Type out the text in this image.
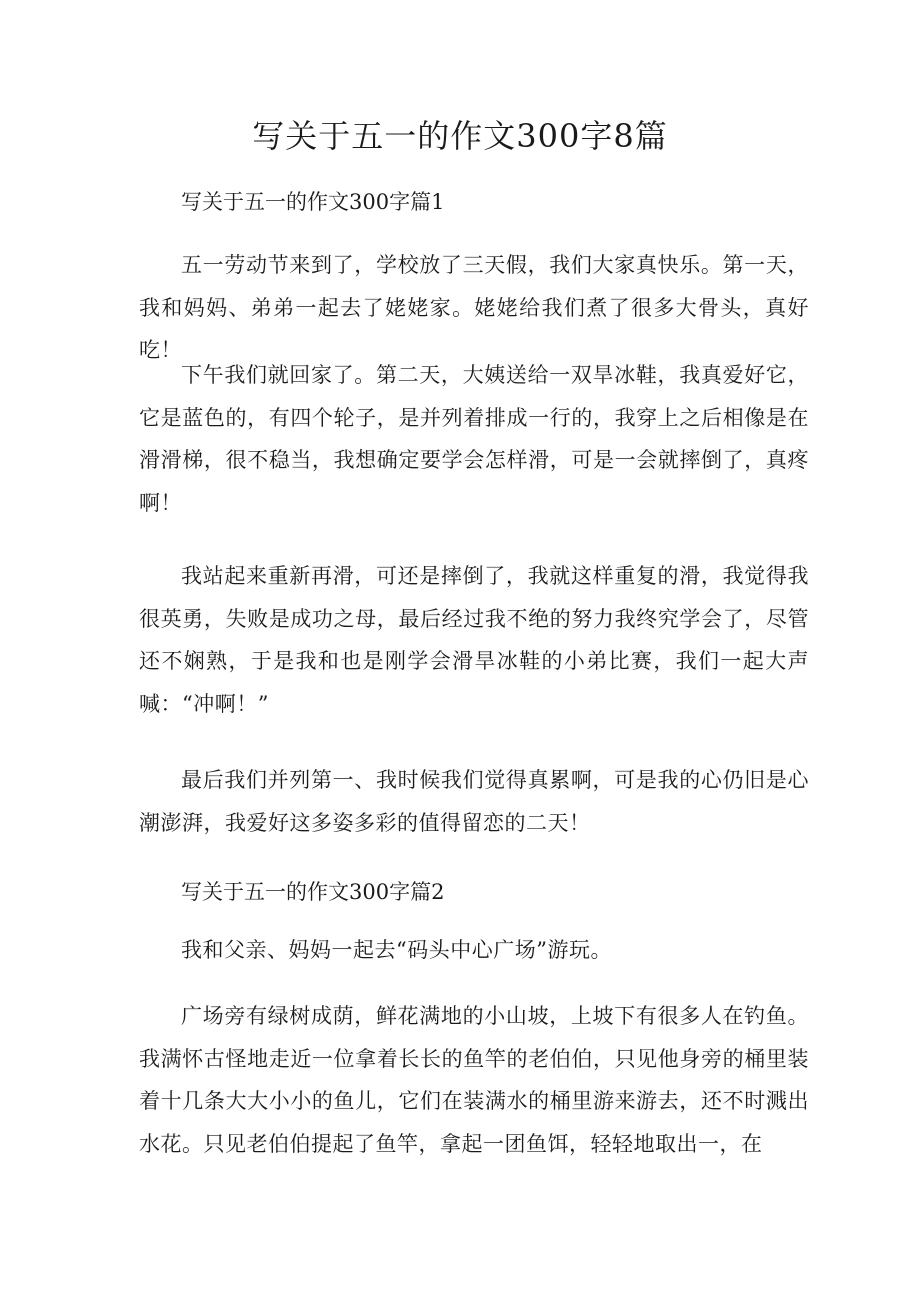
写关于五一的作文300字8篇
写关于五一的作文300字篇1

五一劳动节来到了，学校放了三天假，我们大家真快乐。第一天，我和妈妈、弟弟一起去了姥姥家。姥姥给我们煮了很多大骨头，真好吃！

下午我们就回家了。第二天，大姨送给一双旱冰鞋，我真爱好它，它是蓝色的，有四个轮子，是并列着排成一行的，我穿上之后相像是在滑滑梯，很不稳当，我想确定要学会怎样滑，可是一会就摔倒了，真疼啊！

我站起来重新再滑，可还是摔倒了，我就这样重复的滑，我觉得我很英勇，失败是成功之母，最后经过我不绝的努力我终究学会了，尽管还不娴熟，于是我和也是刚学会滑旱冰鞋的小弟比赛，我们一起大声喊：“冲啊！”

最后我们并列第一、我时候我们觉得真累啊，可是我的心仍旧是心潮澎湃，我爱好这多姿多彩的值得留恋的二天！

写关于五一的作文300字篇2

我和父亲、妈妈一起去“码头中心广场”游玩。

广场旁有绿树成荫，鲜花满地的小山坡，上坡下有很多人在钓鱼。我满怀古怪地走近一位拿着长长的鱼竿的老伯伯，只见他身旁的桶里装着十几条大大小小的鱼儿，它们在装满水的桶里游来游去，还不时溅出水花。只见老伯伯提起了鱼竿，拿起一团鱼饵，轻轻地取出一，在
